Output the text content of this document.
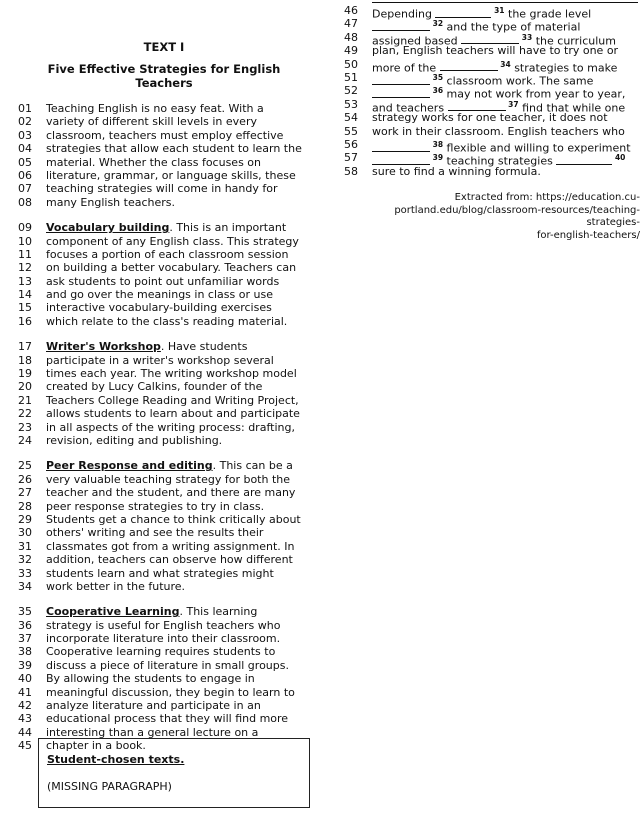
TEXT I
Five Effective Strategies for English Teachers
01	Teaching English is no easy feat. With a
02	variety of different skill levels in every
03	classroom, teachers must employ effective
04	strategies that allow each student to learn the
05	material. Whether the class focuses on
06	literature, grammar, or language skills, these
07	teaching strategies will come in handy for
08	many English teachers.
09	Vocabulary building. This is an important
10	component of any English class. This strategy
11	focuses a portion of each classroom session
12	on building a better vocabulary. Teachers can
13	ask students to point out unfamiliar words
14	and go over the meanings in class or use
15	interactive vocabulary-building exercises
16	which relate to the class's reading material.
17	Writer's Workshop. Have students
18	participate in a writer's workshop several
19	times each year. The writing workshop model
20	created by Lucy Calkins, founder of the
21	Teachers College Reading and Writing Project,
22	allows students to learn about and participate
23	in all aspects of the writing process: drafting,
24	revision, editing and publishing.
25	Peer Response and editing. This can be a
26	very valuable teaching strategy for both the
27	teacher and the student, and there are many
28	peer response strategies to try in class.
29	Students get a chance to think critically about
30	others' writing and see the results their
31	classmates got from a writing assignment. In
32	addition, teachers can observe how different
33	students learn and what strategies might
34	work better in the future.
35	Cooperative Learning. This learning
36	strategy is useful for English teachers who
37	incorporate literature into their classroom.
38	Cooperative learning requires students to
39	discuss a piece of literature in small groups.
40	By allowing the students to engage in
41	meaningful discussion, they begin to learn to
42	analyze literature and participate in an
43	educational process that they will find more
44	interesting than a general lecture on a
45	chapter in a book.
Student-chosen texts.
(MISSING PARAGRAPH)
46	Depending	$^{31}$ the grade level
47	$^{32}$ and the type of material
48	assigned based	$^{33}$ the curriculum
49	plan, English teachers will have to try one or
50	more of the	$^{34}$ strategies to make
51	$^{35}$ classroom work. The same
52	$^{36}$ may not work from year to year,
53	and teachers	$^{37}$ find that while one
54	strategy works for one teacher, it does not
55	work in their classroom. English teachers who
56	$^{38}$ flexible and willing to experiment
57	$^{39}$ teaching strategies	$^{40}$
58	sure to find a winning formula.
Extracted from: https://education.cu-
portland.edu/blog/classroom-resources/teaching-strategies-
for-english-teachers/
